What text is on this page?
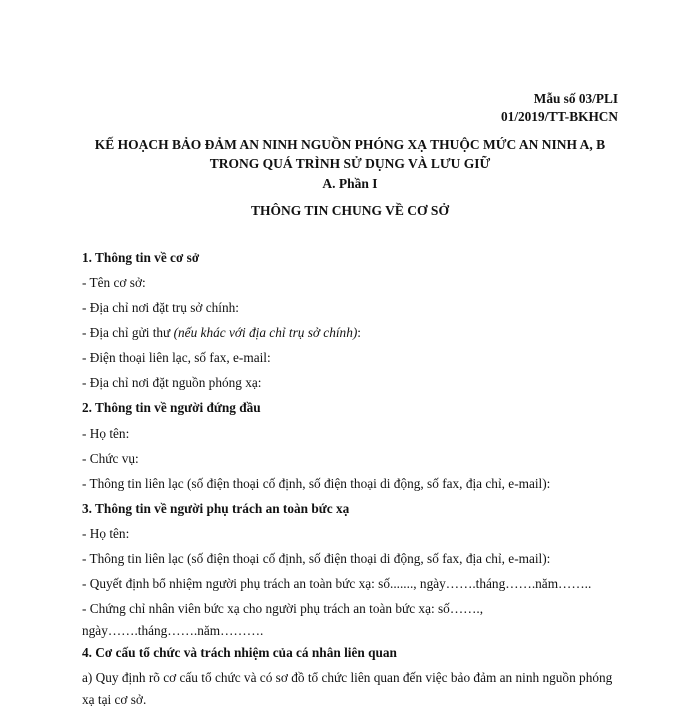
Mẫu số 03/PLI
01/2019/TT-BKHCN
KẾ HOẠCH BẢO ĐẢM AN NINH NGUỒN PHÓNG XẠ THUỘC MỨC AN NINH A, B
TRONG QUÁ TRÌNH SỬ DỤNG VÀ LƯU GIỮ
A. Phần I
THÔNG TIN CHUNG VỀ CƠ SỞ
1. Thông tin về cơ sở
- Tên cơ sở:
- Địa chỉ nơi đặt trụ sở chính:
- Địa chỉ gửi thư (nếu khác với địa chỉ trụ sở chính):
- Điện thoại liên lạc, số fax, e-mail:
- Địa chỉ nơi đặt nguồn phóng xạ:
2. Thông tin về người đứng đầu
- Họ tên:
- Chức vụ:
- Thông tin liên lạc (số điện thoại cố định, số điện thoại di động, số fax, địa chỉ, e-mail):
3. Thông tin về người phụ trách an toàn bức xạ
- Họ tên:
- Thông tin liên lạc (số điện thoại cố định, số điện thoại di động, số fax, địa chỉ, e-mail):
- Quyết định bổ nhiệm người phụ trách an toàn bức xạ: số......., ngày…….tháng…….năm……..
- Chứng chỉ nhân viên bức xạ cho người phụ trách an toàn bức xạ: số……., ngày…….tháng…….năm……….
4. Cơ cấu tổ chức và trách nhiệm của cá nhân liên quan
a) Quy định rõ cơ cấu tổ chức và có sơ đồ tổ chức liên quan đến việc bảo đảm an ninh nguồn phóng xạ tại cơ sở.
